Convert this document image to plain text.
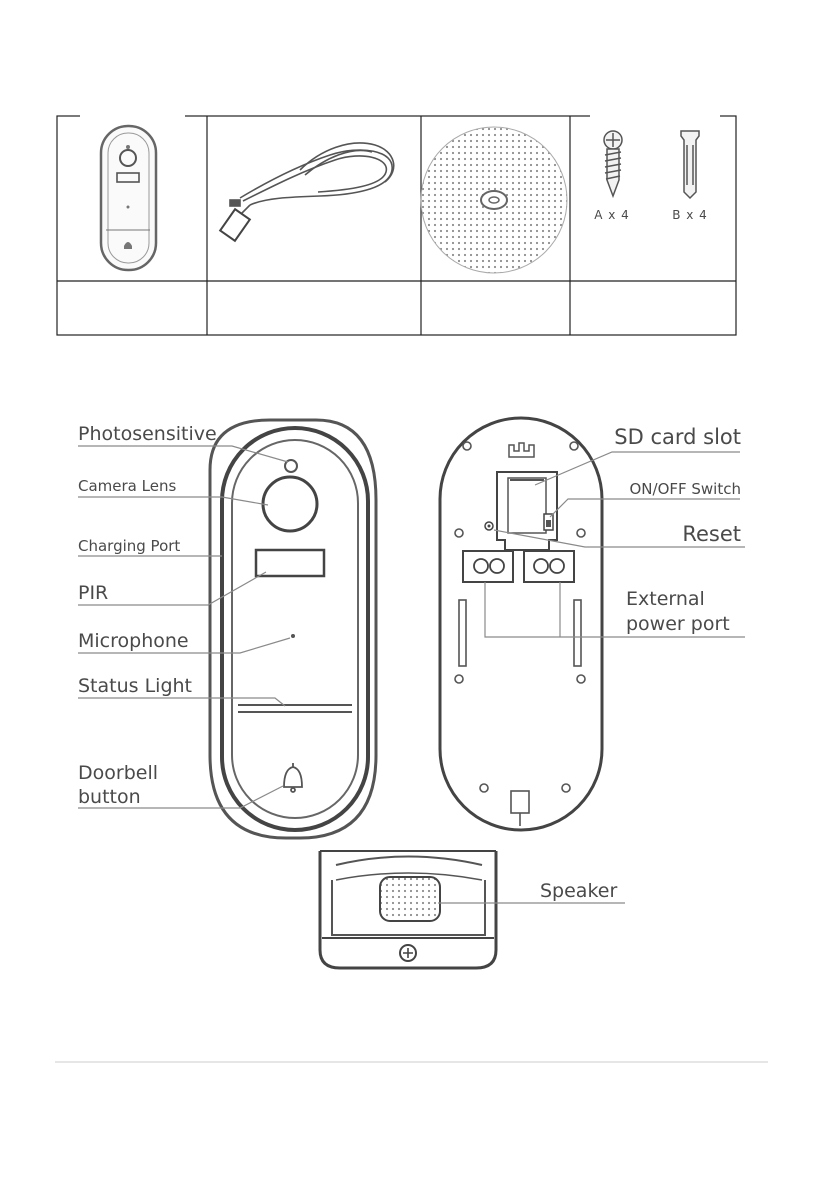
A x 4	B x 4
Photosensitive
Camera Lens
Charging Port
PIR
Microphone
Status Light
Doorbell
button
SD card slot
ON/OFF Switch
Reset
External
power port
Speaker
